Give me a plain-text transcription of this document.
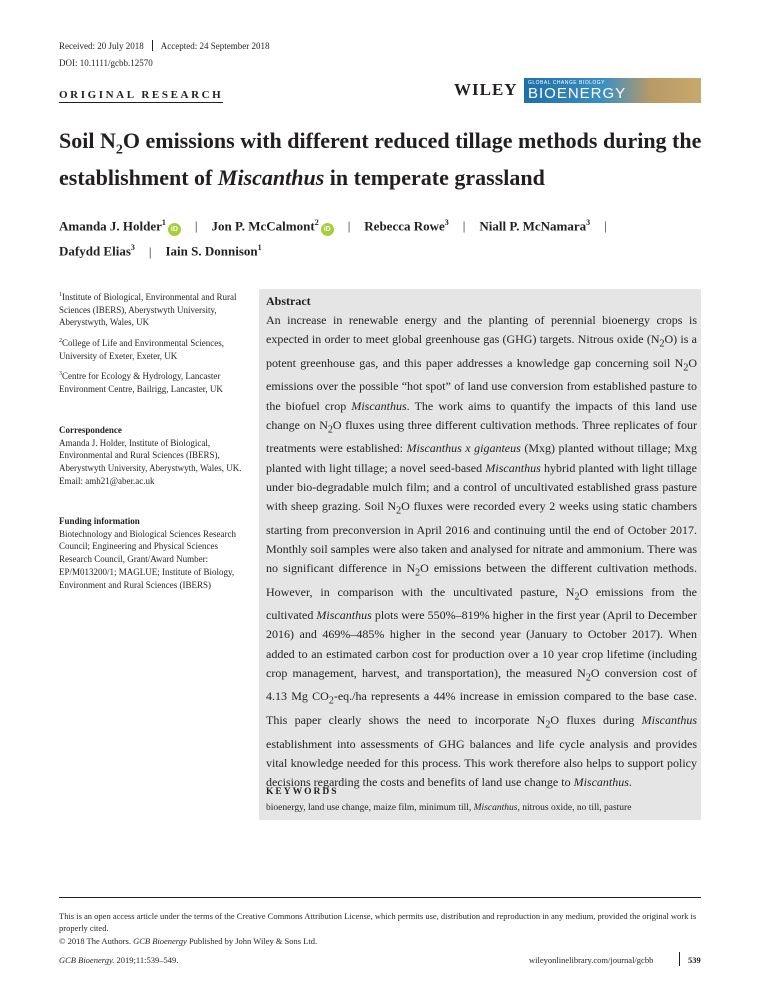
Received: 20 July 2018 Accepted: 24 September 2018
DOI: 10.1111/gcbb.12570
ORIGINAL RESEARCH	WILEY GLOBAL CHANGE BIOLOGY
BIOENERGY
Soil $N_2O$ emissions with different reduced tillage methods during the establishment of Miscanthus in temperate grassland
Amanda J. Holder$^1$iD | Jon P. McCalmont$^2$iD | Rebecca Rowe$^3$ | Niall P. McNamara$^3$ |
Dafydd Elias$^3$ | Iain S. Donnison$^1$
$^1$Institute of Biological, Environmental and Rural Sciences (IBERS), Aberystwyth University, Aberystwyth, Wales, UK
$^2$College of Life and Environmental Sciences, University of Exeter, Exeter, UK
$^3$Centre for Ecology & Hydrology, Lancaster Environment Centre, Bailrigg, Lancaster, UK
Correspondence
Amanda J. Holder, Institute of Biological, Environmental and Rural Sciences (IBERS), Aberystwyth University, Aberystwyth, Wales, UK.
Email: amh21@aber.ac.uk
Funding information
Biotechnology and Biological Sciences Research Council; Engineering and Physical Sciences Research Council, Grant/Award Number: EP/M013200/1; MAGLUE; Institute of Biology, Environment and Rural Sciences (IBERS)
Abstract
An increase in renewable energy and the planting of perennial bioenergy crops is expected in order to meet global greenhouse gas (GHG) targets. Nitrous oxide $(N_2O)$ is a potent greenhouse gas, and this paper addresses a knowledge gap concerning soil $N_2O$ emissions over the possible “hot spot” of land use conversion from established pasture to the biofuel crop Miscanthus. The work aims to quantify the impacts of this land use change on $N_2O$ fluxes using three different cultivation methods. Three replicates of four treatments were established: Miscanthus x giganteus (Mxg) planted without tillage; Mxg planted with light tillage; a novel seed-based Miscanthus hybrid planted with light tillage under bio-degradable mulch film; and a control of uncultivated established grass pasture with sheep grazing. Soil $N_2O$ fluxes were recorded every 2 weeks using static chambers starting from preconversion in April 2016 and continuing until the end of October 2017. Monthly soil samples were also taken and analysed for nitrate and ammonium. There was no significant difference in $N_2O$ emissions between the different cultivation methods. However, in comparison with the uncultivated pasture, $N_2O$ emissions from the cultivated Miscanthus plots were 550%–819% higher in the first year (April to December 2016) and 469%–485% higher in the second year (January to October 2017). When added to an estimated carbon cost for production over a 10 year crop lifetime (including crop management, harvest, and transportation), the measured $N_2O$ conversion cost of 4.13 Mg $CO_2-eq./ha$ represents a 44% increase in emission compared to the base case. This paper clearly shows the need to incorporate $N_2O$ fluxes during Miscanthus establishment into assessments of GHG balances and life cycle analysis and provides vital knowledge needed for this process. This work therefore also helps to support policy decisions regarding the costs and benefits of land use change to Miscanthus.
KEYWORDS
bioenergy, land use change, maize film, minimum till, Miscanthus, nitrous oxide, no till, pasture
This is an open access article under the terms of the Creative Commons Attribution License, which permits use, distribution and reproduction in any medium, provided the original work is properly cited.
© 2018 The Authors. GCB Bioenergy Published by John Wiley & Sons Ltd.
GCB Bioenergy. 2019;11:539–549.	wileyonlinelibrary.com/journal/gcbb	539
